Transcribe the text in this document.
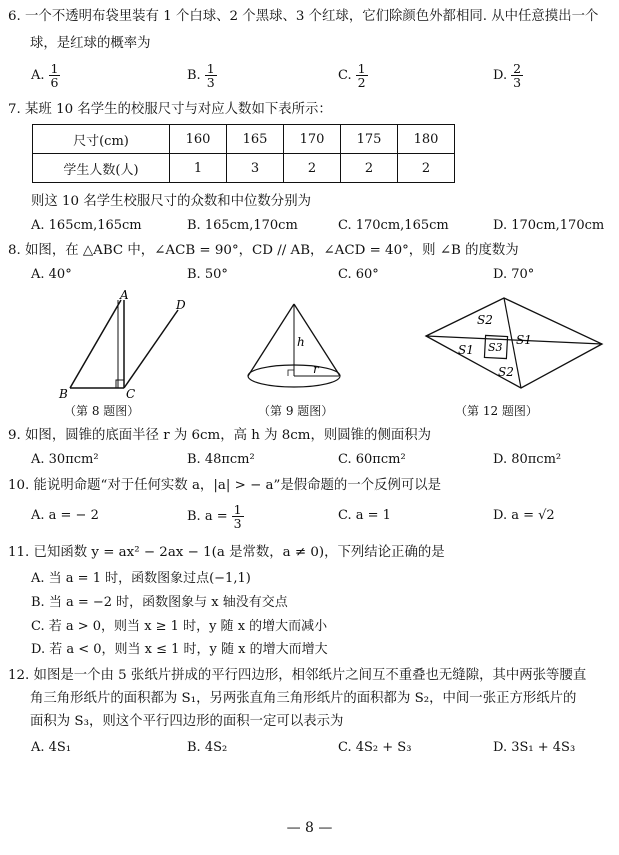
6. 一个不透明布袋里装有 1 个白球、2 个黑球、3 个红球，它们除颜色外都相同. 从中任意摸出一个
球，是红球的概率为
A. $\frac{1}{6}$	B. $\frac{1}{3}$	C. $\frac{1}{2}$	D. $\frac{2}{3}$
7. 某班 10 名学生的校服尺寸与对应人数如下表所示：
尺寸(cm)	160	165	170	175	180
学生人数(人)	1	3	2	2	2
则这 10 名学生校服尺寸的众数和中位数分别为
A. 165cm,165cm	B. 165cm,170cm	C. 170cm,165cm	D. 170cm,170cm
8. 如图，在 △ABC 中，∠ACB = 90°，CD // AB，∠ACD = 40°，则 ∠B 的度数为
A. 40°	B. 50°	C. 60°	D. 70°
A
B	C
D
（第 8 题图）
h
r
（第 9 题图）
S2
S1 S3
S1
S2
（第 12 题图）
9. 如图，圆锥的底面半径 r 为 6cm，高 h 为 8cm，则圆锥的侧面积为
A. 30πcm²	B. 48πcm²	C. 60πcm²	D. 80πcm²
10. 能说明命题“对于任何实数 a，|a| > − a”是假命题的一个反例可以是
A. a = − 2	B. $a = \frac{1}{3}$	C. a = 1	D. a = √2
11. 已知函数 y = ax² − 2ax − 1(a 是常数，a ≠ 0)，下列结论正确的是
A. 当 a = 1 时，函数图象过点(−1,1)
B. 当 a = −2 时，函数图象与 x 轴没有交点
C. 若 a > 0，则当 x ≥ 1 时，y 随 x 的增大而减小
D. 若 a < 0，则当 x ≤ 1 时，y 随 x 的增大而增大
12. 如图是一个由 5 张纸片拼成的平行四边形，相邻纸片之间互不重叠也无缝隙，其中两张等腰直
角三角形纸片的面积都为 S₁，另两张直角三角形纸片的面积都为 S₂，中间一张正方形纸片的
面积为 S₃，则这个平行四边形的面积一定可以表示为
A. 4S₁	B. 4S₂	C. 4S₂ + S₃	D. 3S₁ + 4S₃
— 8 —
